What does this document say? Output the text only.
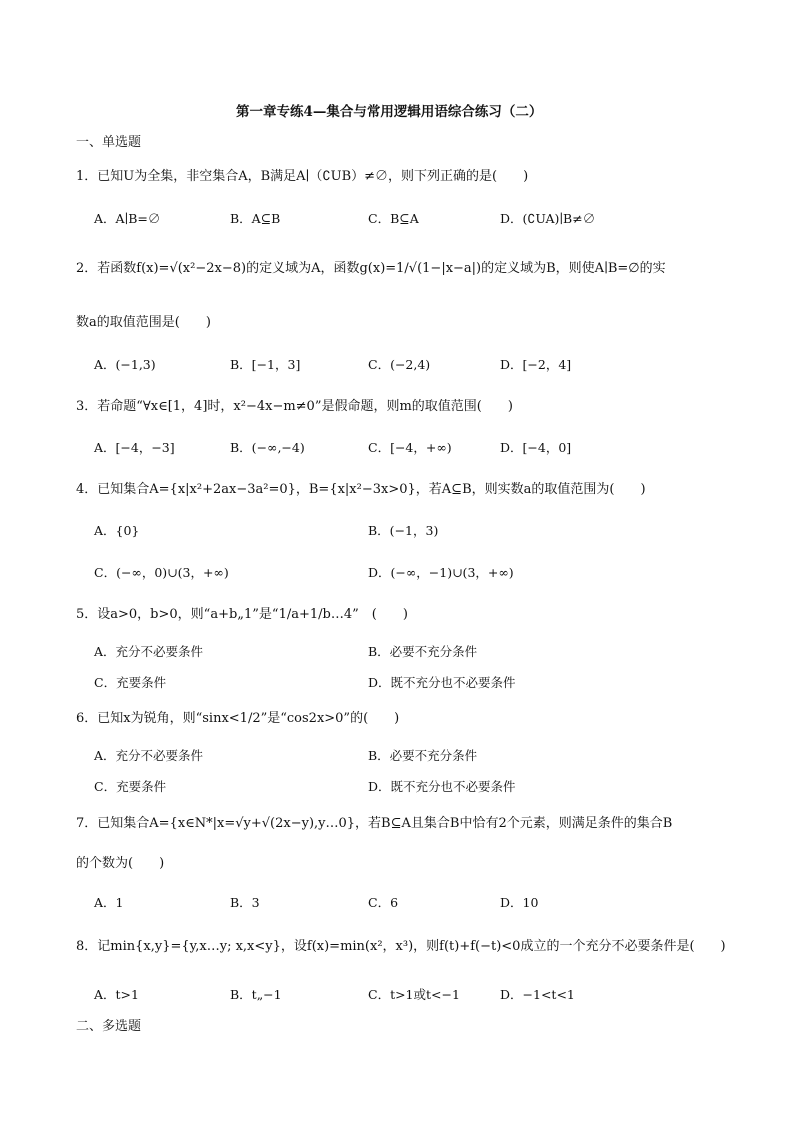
第一章专练4—集合与常用逻辑用语综合练习（二）
一、单选题
1．已知U为全集，非空集合A，B满足A∣（∁UB）≠∅，则下列正确的是(　　)
A．A∣B=∅	B．A⊆B	C．B⊆A	D．(∁UA)∣B≠∅
2．若函数f(x)=√(x²−2x−8)的定义域为A，函数g(x)=1/√(1−|x−a|)的定义域为B，则使A∣B=∅的实
数a的取值范围是(　　)
A．(−1,3)	B．[−1，3]	C．(−2,4)	D．[−2，4]
3．若命题“∀x∈[1，4]时，x²−4x−m≠0”是假命题，则m的取值范围(　　)
A．[−4，−3]	B．(−∞,−4)	C．[−4，+∞)	D．[−4，0]
4．已知集合A={x|x²+2ax−3a²=0}，B={x|x²−3x>0}，若A⊆B，则实数a的取值范围为(　　)
A．{0}	B．(−1，3)
C．(−∞，0)∪(3，+∞)	D．(−∞，−1)∪(3，+∞)
5．设a>0，b>0，则“a+b„1”是“1/a+1/b…4”　(　　)
A．充分不必要条件	B．必要不充分条件
C．充要条件	D．既不充分也不必要条件
6．已知x为锐角，则“sinx<1/2”是“cos2x>0”的(　　)
A．充分不必要条件	B．必要不充分条件
C．充要条件	D．既不充分也不必要条件
7．已知集合A={x∈N*|x=√y+√(2x−y),y…0}，若B⊆A且集合B中恰有2个元素，则满足条件的集合B
的个数为(　　)
A．1	B．3	C．6	D．10
8．记min{x,y}={y,x…y; x,x<y}，设f(x)=min(x²，x³)，则f(t)+f(−t)<0成立的一个充分不必要条件是(　　)
A．t>1	B．t„−1	C．t>1或t<−1	D．−1<t<1
二、多选题
